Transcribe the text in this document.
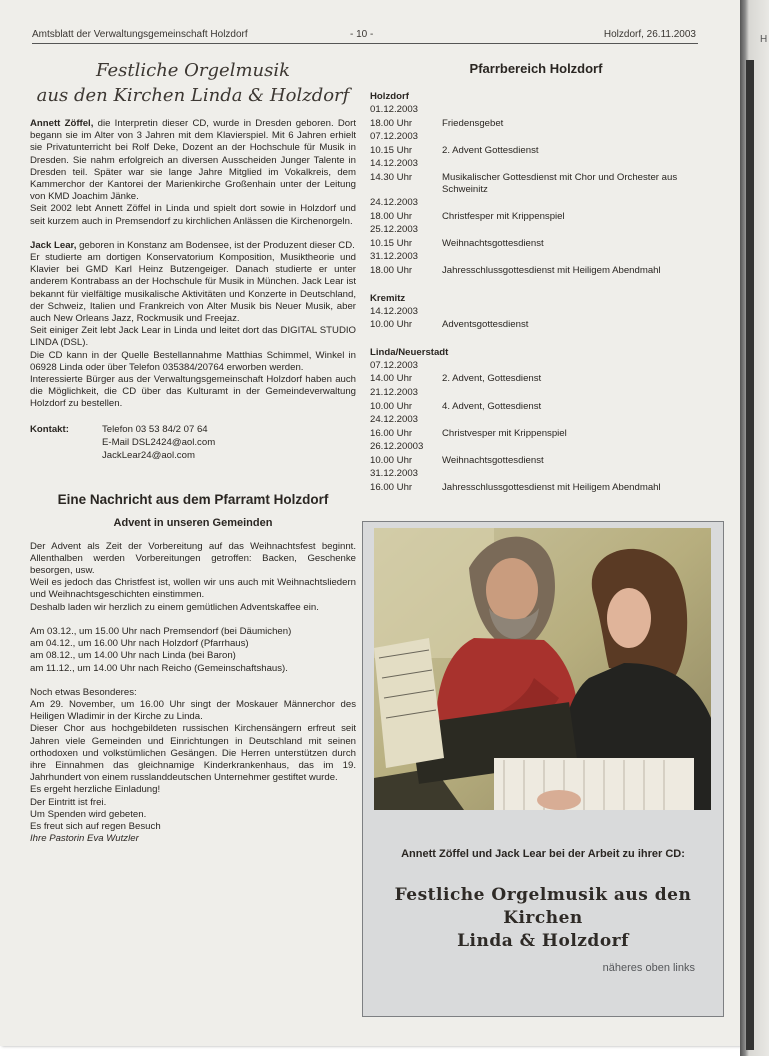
Amtsblatt der Verwaltungsgemeinschaft Holzdorf	- 10 -	Holzdorf, 26.11.2003
Festliche Orgelmusik
aus den Kirchen Linda & Holzdorf

Annett Zöffel, die Interpretin dieser CD, wurde in Dresden geboren. Dort begann sie im Alter von 3 Jahren mit dem Klavierspiel. Mit 6 Jahren erhielt sie Privatunterricht bei Rolf Deke, Dozent an der Hochschule für Musik in Dresden. Sie nahm erfolgreich an diversen Ausscheiden Junger Talente in Dresden teil. Später war sie lange Jahre Mitglied im Vokalkreis, dem Kammerchor der Kantorei der Marienkirche Großenhain unter der Leitung von KMD Joachim Jänke.

Seit 2002 lebt Annett Zöffel in Linda und spielt dort sowie in Holzdorf und seit kurzem auch in Premsendorf zu kirchlichen Anlässen die Kirchenorgeln.

Jack Lear, geboren in Konstanz am Bodensee, ist der Produzent dieser CD.

Er studierte am dortigen Konservatorium Komposition, Musiktheorie und Klavier bei GMD Karl Heinz Butzengeiger. Danach studierte er unter anderem Kontrabass an der Hochschule für Musik in München. Jack Lear ist bekannt für vielfältige musikalische Aktivitäten und Konzerte in Deutschland, der Schweiz, Italien und Frankreich von Alter Musik bis Neuer Musik, aber auch New Orleans Jazz, Rockmusik und Freejaz.

Seit einiger Zeit lebt Jack Lear in Linda und leitet dort das DIGITAL STUDIO LINDA (DSL).

Die CD kann in der Quelle Bestellannahme Matthias Schimmel, Winkel in 06928 Linda oder über Telefon 035384/20764 erworben werden.

Interessierte Bürger aus der Verwaltungsgemeinschaft Holzdorf haben auch die Möglichkeit, die CD über das Kulturamt in der Gemeindeverwaltung Holzdorf zu bestellen.

Kontakt:	Telefon 03 53 84/2 07 64
E-Mail DSL2424@aol.com
JackLear24@aol.com
Eine Nachricht aus dem Pfarramt Holzdorf
Advent in unseren Gemeinden

Der Advent als Zeit der Vorbereitung auf das Weihnachtsfest beginnt. Allenthalben werden Vorbereitungen getroffen: Backen, Geschenke besorgen, usw.

Weil es jedoch das Christfest ist, wollen wir uns auch mit Weihnachtsliedern und Weihnachtsgeschichten einstimmen.

Deshalb laden wir herzlich zu einem gemütlichen Adventskaffee ein.

Am 03.12., um 15.00 Uhr nach Premsendorf (bei Däumichen)

am 04.12., um 16.00 Uhr nach Holzdorf (Pfarrhaus)

am 08.12., um 14.00 Uhr nach Linda (bei Baron)

am 11.12., um 14.00 Uhr nach Reicho (Gemeinschaftshaus).

Noch etwas Besonderes:

Am 29. November, um 16.00 Uhr singt der Moskauer Männerchor des Heiligen Wladimir in der Kirche zu Linda.

Dieser Chor aus hochgebildeten russischen Kirchensängern erfreut seit Jahren viele Gemeinden und Einrichtungen in Deutschland mit seinen orthodoxen und volkstümlichen Gesängen. Die Herren unterstützen durch ihre Einnahmen das gleichnamige Kinderkrankenhaus, das im 19. Jahrhundert von einem russlanddeutschen Unternehmer gestiftet wurde.

Es ergeht herzliche Einladung!

Der Eintritt ist frei.

Um Spenden wird gebeten.

Es freut sich auf regen Besuch

Ihre Pastorin Eva Wutzler

Pfarrbereich Holzdorf
Holzdorf
01.12.2003
18.00 Uhr	Friedensgebet
07.12.2003
10.15 Uhr	2. Advent Gottesdienst
14.12.2003
14.30 Uhr	Musikalischer Gottesdienst mit Chor und Orchester aus Schweinitz
24.12.2003
18.00 Uhr	Christfesper mit Krippenspiel
25.12.2003
10.15 Uhr	Weihnachtsgottesdienst
31.12.2003
18.00 Uhr	Jahresschlussgottesdienst mit Heiligem Abendmahl
Kremitz
14.12.2003
10.00 Uhr	Adventsgottesdienst
Linda/Neuerstadt
07.12.2003
14.00 Uhr	2. Advent, Gottesdienst
21.12.2003
10.00 Uhr	4. Advent, Gottesdienst
24.12.2003
16.00 Uhr	Christvesper mit Krippenspiel
26.12.20003
10.00 Uhr	Weihnachtsgottesdienst
31.12.2003
16.00 Uhr	Jahresschlussgottesdienst mit Heiligem Abendmahl
Annett Zöffel und Jack Lear bei der Arbeit zu ihrer CD:
Festliche Orgelmusik aus den Kirchen
Linda & Holzdorf
näheres oben links
H
